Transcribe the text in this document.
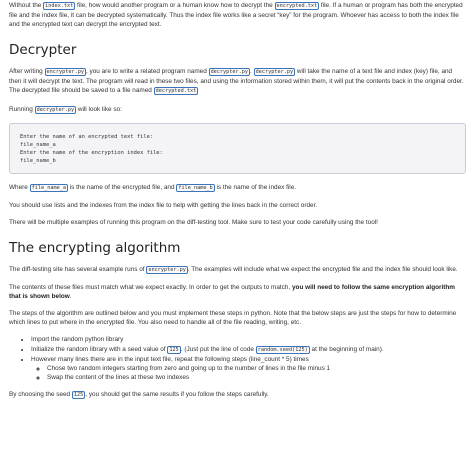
Without the index.txt file, how would another program or a human know how to decrypt the encrypted.txt file. If a human or program has both the encrypted file and the index file, it can be decrypted systematically. Thus the index file works like a secret “key” for the program. Whoever has access to both the index file and the encrypted text can decrypt the encrypted text.

Decrypter

After writing encrypter.py , you are to write a related program named decrypter.py . decrypter.py will take the name of a text file and index (key) file, and then it will decrypt the text. The program will read in these two files, and using the information stored within them, it will put the contents back in the original order. The decrypted file should be saved to a file named decrypted.txt

Running decrypter.py will look like so:

Enter the name of an encrypted text file:
file_name_a
Enter the name of the encryption index file:
file_name_b

Where file_name_a is the name of the encrypted file, and file_name_b is the name of the index file.

You should use lists and the indexes from the index file to help with getting the lines back in the correct order.

There will be multiple examples of running this program on the diff-testing tool. Make sure to test your code carefully using the tool!

The encrypting algorithm

The diff-testing site has several example runs of encrypter.py . The examples will include what we expect the encrypted file and the index file should look like.

The contents of these files must match what we expect exactly. In order to get the outputs to match, you will need to follow the same encryption algorithm that is shown below.

The steps of the algorithm are outlined below and you must implement these steps in python. Note that the below steps are just the steps for how to determine which lines to put where in the encrypted file. You also need to handle all of the file reading, writing, etc.

• Import the random python library
• Initialize the random library with a seed value of 125 . (Just put the line of code random.seed(125) at the beginning of main).
• However many lines there are in the input text file, repeat the following steps (line_count * 5) times
◦ Chose two random integers starting from zero and going up to the number of lines in the file minus 1
◦ Swap the content of the lines at these two indexes

By choosing the seed 125 , you should get the same results if you follow the steps carefully.
